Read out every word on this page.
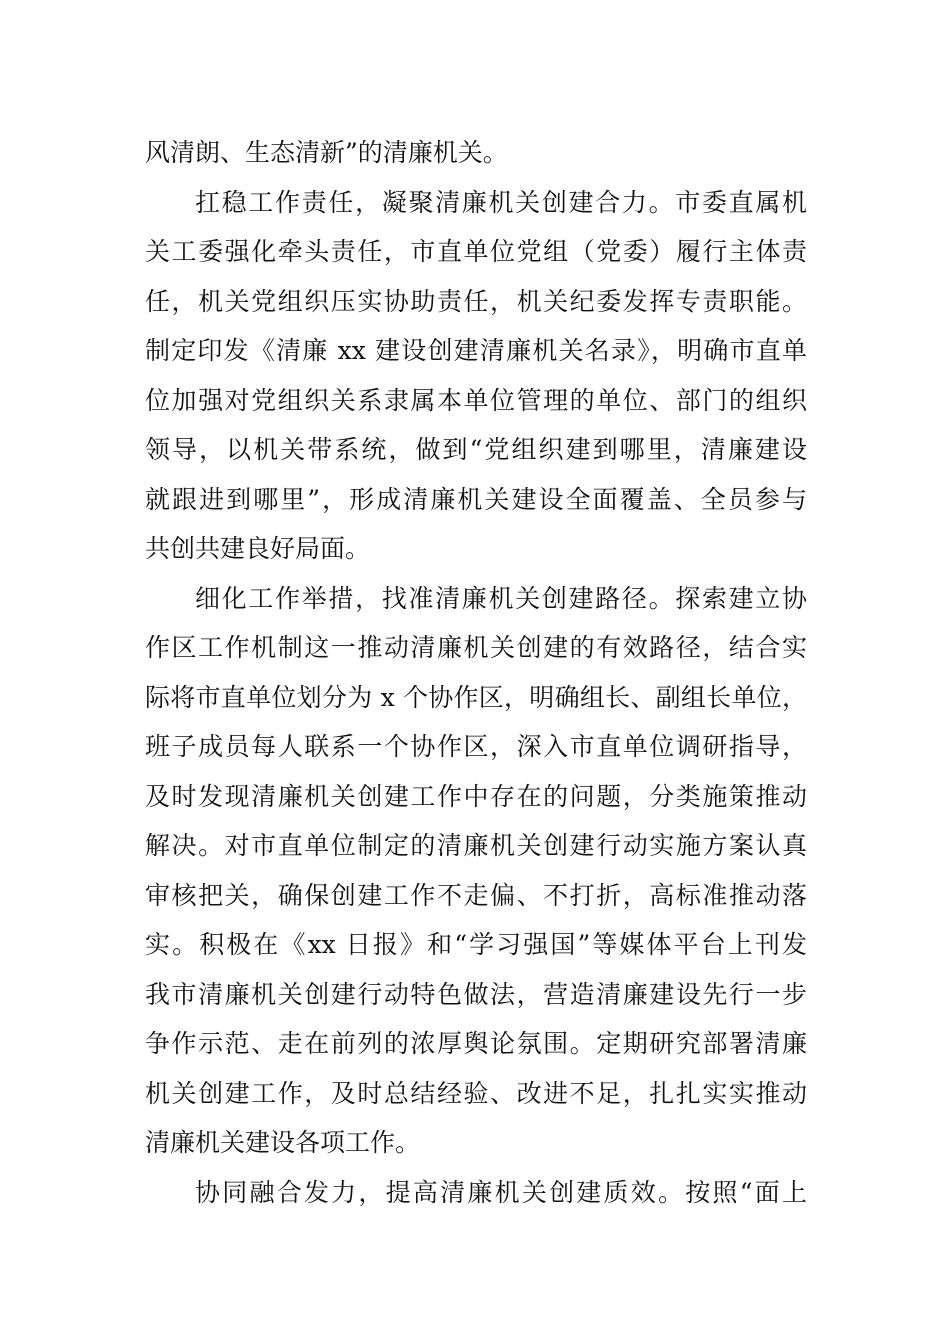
风清朗、生态清新”的清廉机关。
扛稳工作责任，凝聚清廉机关创建合力。市委直属机
关工委强化牵头责任，市直单位党组（党委）履行主体责
任，机关党组织压实协助责任，机关纪委发挥专责职能。
制定印发《清廉 xx 建设创建清廉机关名录》，明确市直单
位加强对党组织关系隶属本单位管理的单位、部门的组织
领导，以机关带系统，做到“党组织建到哪里，清廉建设
就跟进到哪里”，形成清廉机关建设全面覆盖、全员参与
共创共建良好局面。
细化工作举措，找准清廉机关创建路径。探索建立协
作区工作机制这一推动清廉机关创建的有效路径，结合实
际将市直单位划分为 x 个协作区，明确组长、副组长单位，
班子成员每人联系一个协作区，深入市直单位调研指导，
及时发现清廉机关创建工作中存在的问题，分类施策推动
解决。对市直单位制定的清廉机关创建行动实施方案认真
审核把关，确保创建工作不走偏、不打折，高标准推动落
实。积极在《xx 日报》和“学习强国”等媒体平台上刊发
我市清廉机关创建行动特色做法，营造清廉建设先行一步
争作示范、走在前列的浓厚舆论氛围。定期研究部署清廉
机关创建工作，及时总结经验、改进不足，扎扎实实推动
清廉机关建设各项工作。
协同融合发力，提高清廉机关创建质效。按照“面上
